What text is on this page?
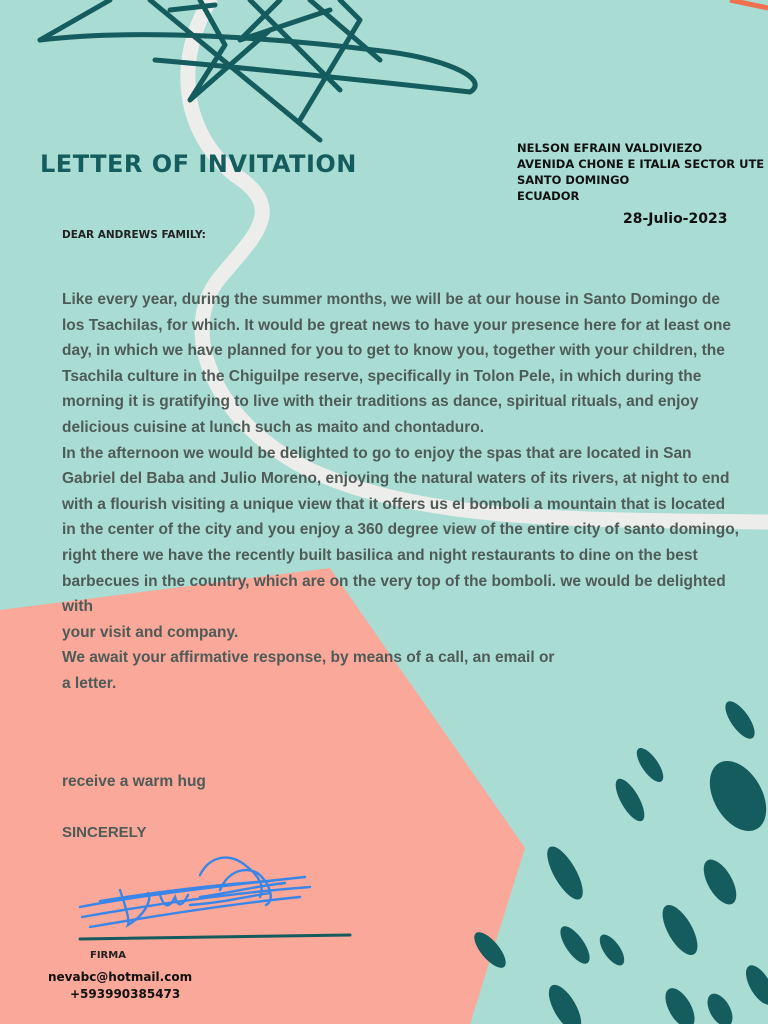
LETTER OF INVITATION
NELSON EFRAIN VALDIVIEZO
AVENIDA CHONE E ITALIA SECTOR UTE
SANTO DOMINGO
ECUADOR
28-Julio-2023
DEAR ANDREWS FAMILY:

Like every year, during the summer months, we will be at our house in Santo Domingo de los Tsachilas, for which. It would be great news to have your presence here for at least one day, in which we have planned for you to get to know you, together with your children, the Tsachila culture in the Chiguilpe reserve, specifically in Tolon Pele, in which during the morning it is gratifying to live with their traditions as dance, spiritual rituals, and enjoy delicious cuisine at lunch such as maito and chontaduro.

In the afternoon we would be delighted to go to enjoy the spas that are located in San Gabriel del Baba and Julio Moreno, enjoying the natural waters of its rivers, at night to end with a flourish visiting a unique view that it offers us el bomboli a mountain that is located in the center of the city and you enjoy a 360 degree view of the entire city of santo domingo, right there we have the recently built basilica and night restaurants to dine on the best barbecues in the country, which are on the very top of the bomboli. we would be delighted with

your visit and company.

We await your affirmative response, by means of a call, an email or

a letter.

receive a warm hug
SINCERELY
FIRMA
nevabc@hotmail.com
+593990385473
